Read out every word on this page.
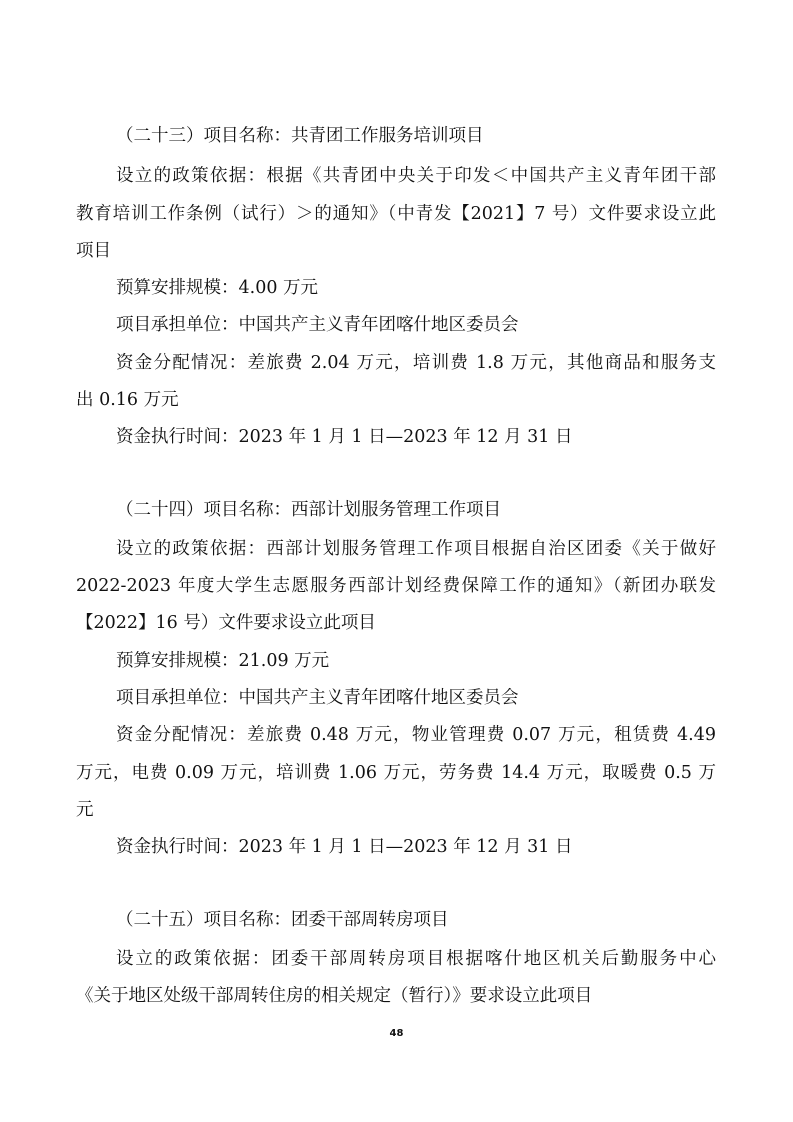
（二十三）项目名称：共青团工作服务培训项目
设立的政策依据：根据《共青团中央关于印发＜中国共产主义青年团干部
教育培训工作条例（试行）＞的通知》（中青发【2021】7 号）文件要求设立此
项目
预算安排规模：4.00 万元
项目承担单位：中国共产主义青年团喀什地区委员会
资金分配情况：差旅费 2.04 万元，培训费 1.8 万元，其他商品和服务支
出 0.16 万元
资金执行时间：2023 年 1 月 1 日—2023 年 12 月 31 日
（二十四）项目名称：西部计划服务管理工作项目
设立的政策依据：西部计划服务管理工作项目根据自治区团委《关于做好
2022-2023 年度大学生志愿服务西部计划经费保障工作的通知》（新团办联发
【2022】16 号）文件要求设立此项目
预算安排规模：21.09 万元
项目承担单位：中国共产主义青年团喀什地区委员会
资金分配情况：差旅费 0.48 万元，物业管理费 0.07 万元，租赁费 4.49
万元，电费 0.09 万元，培训费 1.06 万元，劳务费 14.4 万元，取暖费 0.5 万
元
资金执行时间：2023 年 1 月 1 日—2023 年 12 月 31 日
（二十五）项目名称：团委干部周转房项目
设立的政策依据：团委干部周转房项目根据喀什地区机关后勤服务中心
《关于地区处级干部周转住房的相关规定（暂行）》要求设立此项目
48
